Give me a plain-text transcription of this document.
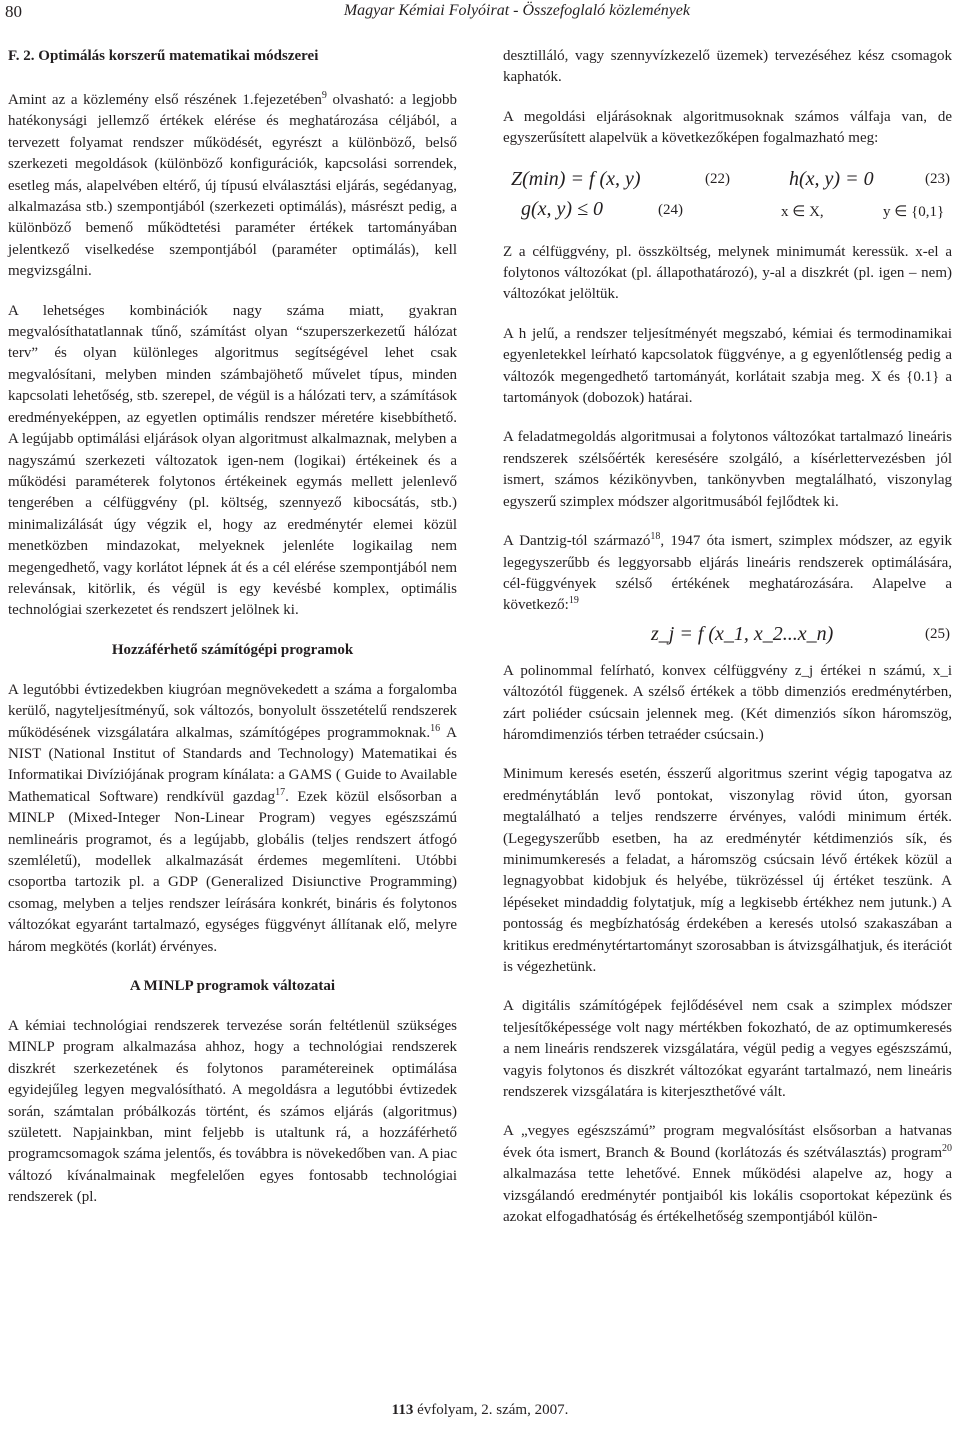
80	Magyar Kémiai Folyóirat - Összefoglaló közlemények
F. 2. Optimálás korszerű matematikai módszerei

Amint az a közlemény első részének 1.fejezetében$^9$ olvasható: a legjobb hatékonysági jellemző értékek elérése és meghatározása céljából, a tervezett folyamat rendszer működését, egyrészt a különböző, belső szerkezeti megoldások (különböző konfigurációk, kapcsolási sorrendek, esetleg más, alapelvében eltérő, új típusú elválasztási eljárás, segédanyag, alkalmazása stb.) szempontjából (szerkezeti optimálás), másrészt pedig, a különböző bemenő működtetési paraméter értékek tartományában jelentkező viselkedése szempontjából (paraméter optimálás), kell megvizsgálni.

A lehetséges kombinációk nagy száma miatt, gyakran megvalósíthatatlannak tűnő, számítást olyan “szuperszerkezetű hálózat terv” és olyan különleges algoritmus segítségével lehet csak megvalósítani, melyben minden számbajöhető művelet típus, minden kapcsolati lehetőség, stb. szerepel, de végül is a hálózati terv, a számítások eredményeképpen, az egyetlen optimális rendszer méretére kisebbíthető. A legújabb optimálási eljárások olyan algoritmust alkalmaznak, melyben a nagyszámú szerkezeti változatok igen-nem (logikai) értékeinek és a működési paraméterek folytonos értékeinek egymás mellett jelenlevő tengerében a célfüggvény (pl. költség, szennyező kibocsátás, stb.) minimalizálását úgy végzik el, hogy az eredménytér elemei közül menetközben mindazokat, melyeknek jelenléte logikailag nem megengedhető, vagy korlátot lépnek át és a cél elérése szempontjából nem relevánsak, kitörlik, és végül is egy kevésbé komplex, optimális technológiai szerkezetet és rendszert jelölnek ki.

Hozzáférhető számítógépi programok

A legutóbbi évtizedekben kiugróan megnövekedett a száma a forgalomba kerülő, nagyteljesítményű, sok változós, bonyolult összetételű rendszerek működésének vizsgálatára alkalmas, számítógépes programmoknak.$^{16}$ A NIST (National Institut of Standards and Technology) Matematikai és Informatikai Divíziójának program kínálata: a GAMS ( Guide to Available Mathematical Software) rendkívül gazdag$^{17}$. Ezek közül elsősorban a MINLP (Mixed-Integer Non-Linear Program) vegyes egészszámú nemlineáris programot, és a legújabb, globális (teljes rendszert átfogó szemléletű), modellek alkalmazását érdemes megemlíteni. Utóbbi csoportba tartozik pl. a GDP (Generalized Disiunctive Programming) csomag, melyben a teljes rendszer leírására konkrét, bináris és folytonos változókat egyaránt tartalmazó, egységes függvényt állítanak elő, melyre három megkötés (korlát) érvényes.

A MINLP programok változatai

A kémiai technológiai rendszerek tervezése során feltétlenül szükséges MINLP program alkalmazása ahhoz, hogy a technológiai rendszerek diszkrét szerkezetének és folytonos paramétereinek optimálása egyidejűleg legyen megvalósítható. A megoldásra a legutóbbi évtizedek során, számtalan próbálkozás történt, és számos eljárás (algoritmus) született. Napjainkban, mint feljebb is utaltunk rá, a hozzáférhető programcsomagok száma jelentős, és továbbra is növekedőben van. A piac változó kívánalmainak megfelelően egyes fontosabb technológiai rendszerek (pl.

desztilláló, vagy szennyvízkezelő üzemek) tervezéséhez kész csomagok kaphatók.

A megoldási eljárásoknak algoritmusoknak számos válfaja van, de egyszerűsített alapelvük a következőképen fogalmazható meg:

Z(min) = f (x, y)	(22)	h(x, y) = 0	(23)
g(x, y) ≤ 0	(24)	x ∈ X,	y ∈ {0,1}

Z a célfüggvény, pl. összköltség, melynek minimumát keressük. x-el a folytonos változókat (pl. állapothatározó), y-al a diszkrét (pl. igen – nem) változókat jelöltük.

A h jelű, a rendszer teljesítményét megszabó, kémiai és termodinamikai egyenletekkel leírható kapcsolatok függvénye, a g egyenlőtlenség pedig a változók megengedhető tartományát, korlátait szabja meg. X és {0.1} a tartományok (dobozok) határai.

A feladatmegoldás algoritmusai a folytonos változókat tartalmazó lineáris rendszerek szélsőérték keresésére szolgáló, a kísérlettervezésben jól ismert, számos kézikönyvben, tankönyvben megtalálható, viszonylag egyszerű szimplex módszer algoritmusából fejlődtek ki.

A Dantzig-tól származó$^{18}$, 1947 óta ismert, szimplex módszer, az egyik legegyszerűbb és leggyorsabb eljárás lineáris rendszerek optimálására, cél-függvények szélső értékének meghatározására. Alapelve a következő:$^{19}$

z_j = f (x_1, x_2...x_n)	(25)

A polinommal felírható, konvex célfüggvény z_j értékei n számú, x_i változótól függenek. A szélső értékek a több dimenziós eredménytérben, zárt poliéder csúcsain jelennek meg. (Két dimenziós síkon háromszög, háromdimenziós térben tetraéder csúcsain.)

Minimum keresés esetén, ésszerű algoritmus szerint végig tapogatva az eredménytáblán levő pontokat, viszonylag rövid úton, gyorsan megtalálható a teljes rendszerre érvényes, valódi minimum érték. (Legegyszerűbb esetben, ha az eredménytér kétdimenziós sík, és minimumkeresés a feladat, a háromszög csúcsain lévő értékek közül a legnagyobbat kidobjuk és helyébe, tükrözéssel új értéket teszünk. A lépéseket mindaddig folytatjuk, míg a legkisebb értékhez nem jutunk.) A pontosság és megbízhatóság érdekében a keresés utolsó szakaszában a kritikus eredménytértartományt szorosabban is átvizsgálhatjuk, és iterációt is végezhetünk.

A digitális számítógépek fejlődésével nem csak a szimplex módszer teljesítőképessége volt nagy mértékben fokozható, de az optimumkeresés a nem lineáris rendszerek vizsgálatára, végül pedig a vegyes egészszámú, vagyis folytonos és diszkrét változókat egyaránt tartalmazó, nem lineáris rendszerek vizsgálatára is kiterjeszthetővé vált.

A „vegyes egészszámú” program megvalósítást elsősorban a hatvanas évek óta ismert, Branch & Bound (korlátozás és szétválasztás) program$^{20}$ alkalmazása tette lehetővé. Ennek működési alapelve az, hogy a vizsgálandó eredménytér pontjaiból kis lokális csoportokat képezünk és azokat elfogadhatóság és értékelhetőség szempontjából külön-

113 évfolyam, 2. szám, 2007.
